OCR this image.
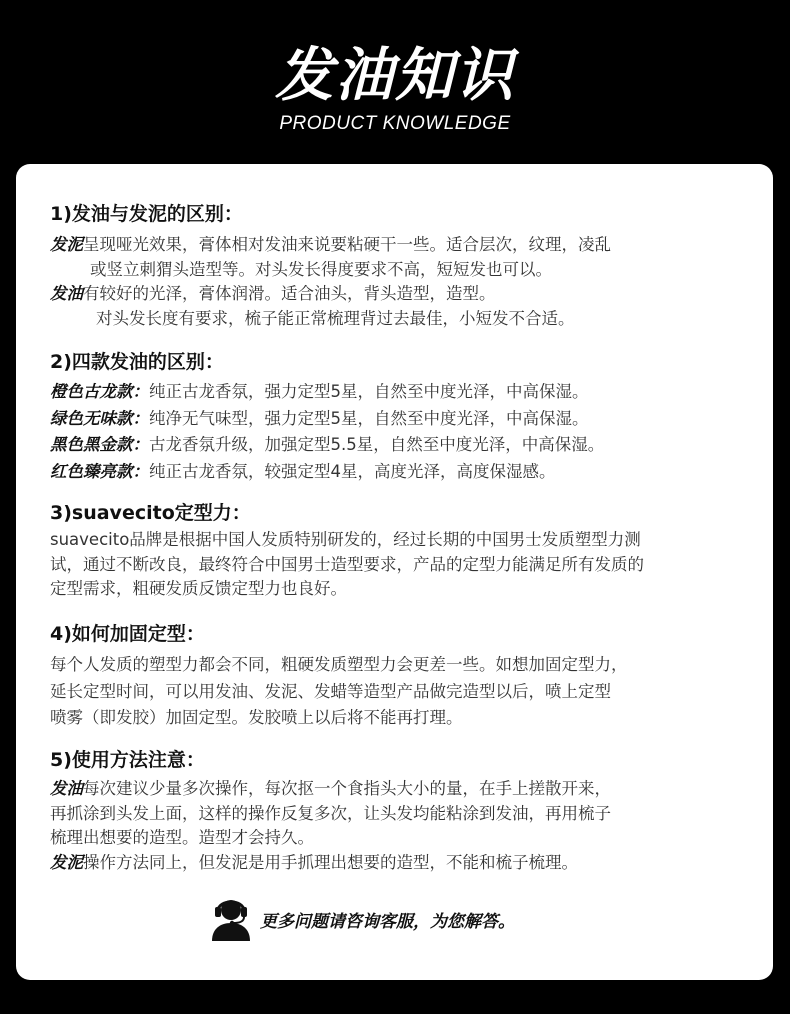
发油知识
PRODUCT KNOWLEDGE
1)发油与发泥的区别：
发泥呈现哑光效果，膏体相对发油来说要粘硬干一些。适合层次，纹理，凌乱
或竖立刺猬头造型等。对头发长得度要求不高，短短发也可以。
发油有较好的光泽，膏体润滑。适合油头，背头造型，造型。
对头发长度有要求，梳子能正常梳理背过去最佳，小短发不合适。
2)四款发油的区别：
橙色古龙款：纯正古龙香氛，强力定型5星，自然至中度光泽，中高保湿。
绿色无味款：纯净无气味型，强力定型5星，自然至中度光泽，中高保湿。
黑色黑金款：古龙香氛升级，加强定型5.5星，自然至中度光泽，中高保湿。
红色臻亮款：纯正古龙香氛，较强定型4星，高度光泽，高度保湿感。
3)suavecito定型力：
suavecito品牌是根据中国人发质特别研发的，经过长期的中国男士发质塑型力测
试，通过不断改良，最终符合中国男士造型要求，产品的定型力能满足所有发质的
定型需求，粗硬发质反馈定型力也良好。
4)如何加固定型：
每个人发质的塑型力都会不同，粗硬发质塑型力会更差一些。如想加固定型力，
延长定型时间，可以用发油、发泥、发蜡等造型产品做完造型以后，喷上定型
喷雾（即发胶）加固定型。发胶喷上以后将不能再打理。
5)使用方法注意：
发油每次建议少量多次操作，每次抠一个食指头大小的量，在手上搓散开来，
再抓涂到头发上面，这样的操作反复多次，让头发均能粘涂到发油，再用梳子
梳理出想要的造型。造型才会持久。
发泥操作方法同上，但发泥是用手抓理出想要的造型，不能和梳子梳理。
更多问题请咨询客服，为您解答。
